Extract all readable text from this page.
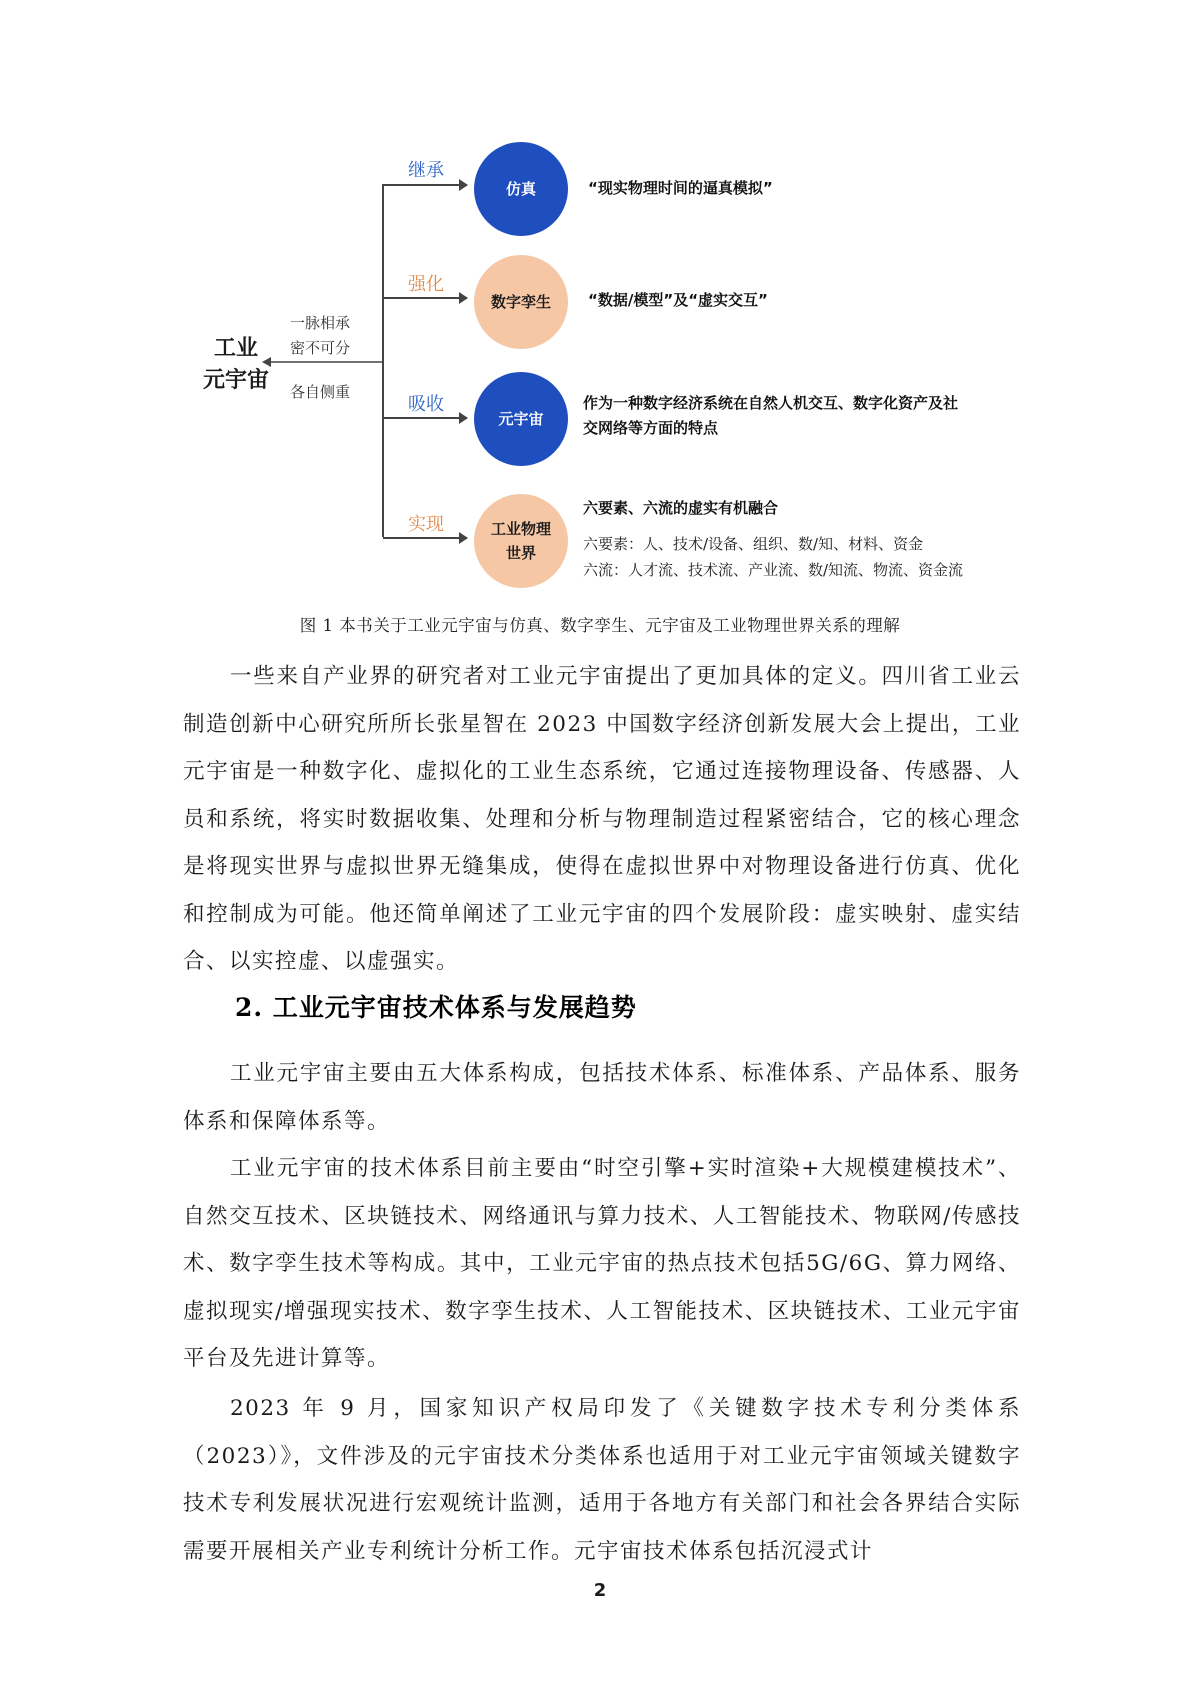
工业
元宇宙
一脉相承
密不可分
各自侧重
继承
仿真	“现实物理时间的逼真模拟”
强化
数字孪生 “数据/模型”及“虚实交互”
吸收
元宇宙
作为一种数字经济系统在自然人机交互、数字化资产及社
交网络等方面的特点
实现	工业物理
世界
六要素、六流的虚实有机融合
六要素：人、技术/设备、组织、数/知、材料、资金
六流：人才流、技术流、产业流、数/知流、物流、资金流
图 1 本书关于工业元宇宙与仿真、数字孪生、元宇宙及工业物理世界关系的理解

一些来自产业界的研究者对工业元宇宙提出了更加具体的定义。四川省工业云制造创新中心研究所所长张星智在 2023 中国数字经济创新发展大会上提出，工业元宇宙是一种数字化、虚拟化的工业生态系统，它通过连接物理设备、传感器、人员和系统，将实时数据收集、处理和分析与物理制造过程紧密结合，它的核心理念是将现实世界与虚拟世界无缝集成，使得在虚拟世界中对物理设备进行仿真、优化和控制成为可能。他还简单阐述了工业元宇宙的四个发展阶段：虚实映射、虚实结合、以实控虚、以虚强实。

2. 工业元宇宙技术体系与发展趋势

工业元宇宙主要由五大体系构成，包括技术体系、标准体系、产品体系、服务体系和保障体系等。

工业元宇宙的技术体系目前主要由“时空引擎+实时渲染+大规模建模技术”、自然交互技术、区块链技术、网络通讯与算力技术、人工智能技术、物联网/传感技术、数字孪生技术等构成。其中，工业元宇宙的热点技术包括5G/6G、算力网络、虚拟现实/增强现实技术、数字孪生技术、人工智能技术、区块链技术、工业元宇宙平台及先进计算等。

2023 年 9 月，国家知识产权局印发了《关键数字技术专利分类体系（2023）》，文件涉及的元宇宙技术分类体系也适用于对工业元宇宙领域关键数字技术专利发展状况进行宏观统计监测，适用于各地方有关部门和社会各界结合实际需要开展相关产业专利统计分析工作。元宇宙技术体系包括沉浸式计

2
